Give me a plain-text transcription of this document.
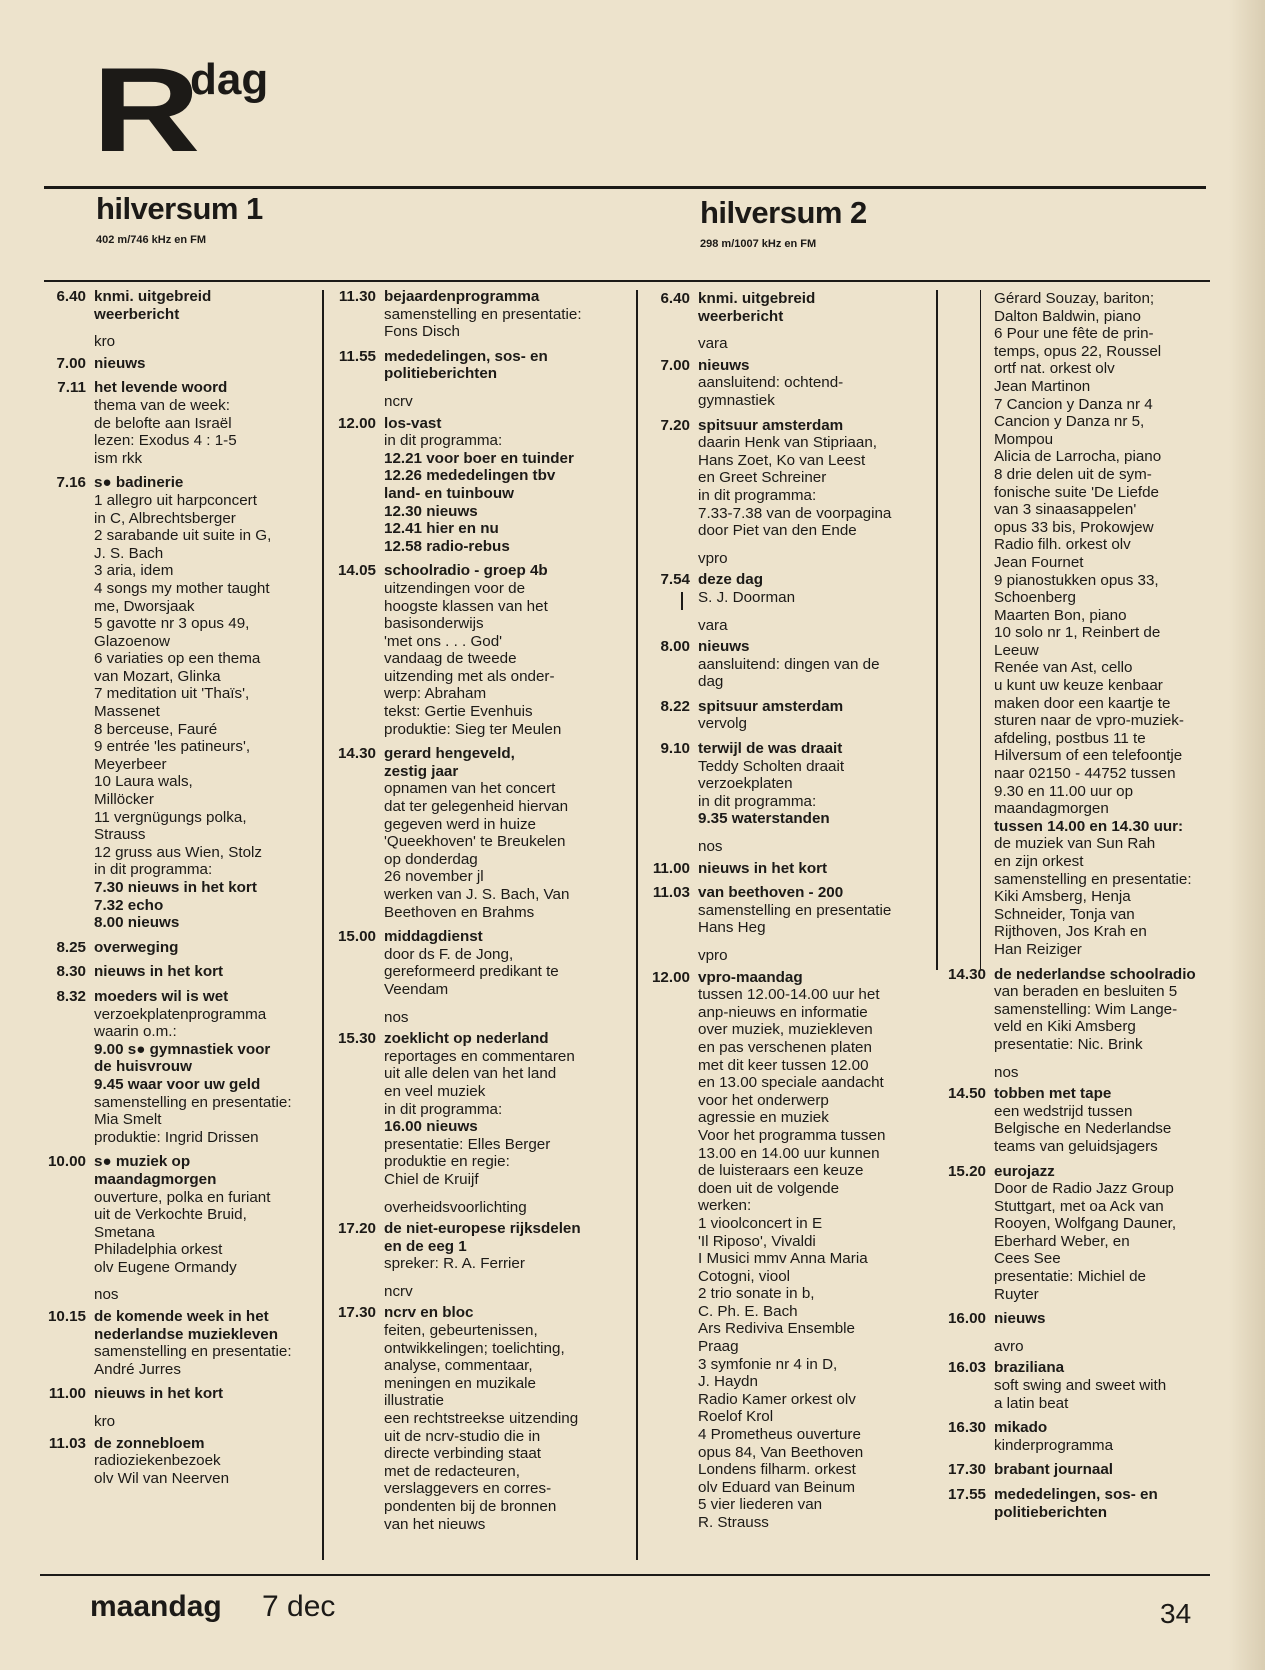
R
dag
hilversum 1
402 m/746 kHz en FM
hilversum 2
298 m/1007 kHz en FM
6.40 knmi. uitgebreid
weerbericht
kro
7.00 nieuws
7.11 het levende woord
thema van de week:
de belofte aan Israël
lezen: Exodus 4 : 1-5
ism rkk
7.16 s● badinerie
1 allegro uit harpconcert
in C, Albrechtsberger
2 sarabande uit suite in G,
J. S. Bach
3 aria, idem
4 songs my mother taught
me, Dworsjaak
5 gavotte nr 3 opus 49,
Glazoenow
6 variaties op een thema
van Mozart, Glinka
7 meditation uit 'Thaïs',
Massenet
8 berceuse, Fauré
9 entrée 'les patineurs',
Meyerbeer
10 Laura wals,
Millöcker
11 vergnügungs polka,
Strauss
12 gruss aus Wien, Stolz
in dit programma:
7.30 nieuws in het kort
7.32 echo
8.00 nieuws
8.25 overweging
8.30 nieuws in het kort
8.32 moeders wil is wet
verzoekplatenprogramma
waarin o.m.:
9.00 s● gymnastiek voor
de huisvrouw
9.45 waar voor uw geld
samenstelling en presentatie:
Mia Smelt
produktie: Ingrid Drissen
10.00 s● muziek op
maandagmorgen
ouverture, polka en furiant
uit de Verkochte Bruid,
Smetana
Philadelphia orkest
olv Eugene Ormandy
nos
10.15 de komende week in het
nederlandse muziekleven
samenstelling en presentatie:
André Jurres
11.00 nieuws in het kort
kro
11.03 de zonnebloem
radioziekenbezoek
olv Wil van Neerven
11.30 bejaardenprogramma
samenstelling en presentatie:
Fons Disch
11.55 mededelingen, sos- en
politieberichten
ncrv
12.00 los-vast
in dit programma:
12.21 voor boer en tuinder
12.26 mededelingen tbv
land- en tuinbouw
12.30 nieuws
12.41 hier en nu
12.58 radio-rebus
14.05 schoolradio - groep 4b
uitzendingen voor de
hoogste klassen van het
basisonderwijs
'met ons . . . God'
vandaag de tweede
uitzending met als onder-
werp: Abraham
tekst: Gertie Evenhuis
produktie: Sieg ter Meulen
14.30 gerard hengeveld,
zestig jaar
opnamen van het concert
dat ter gelegenheid hiervan
gegeven werd in huize
'Queekhoven' te Breukelen
op donderdag
26 november jl
werken van J. S. Bach, Van
Beethoven en Brahms
15.00 middagdienst
door ds F. de Jong,
gereformeerd predikant te
Veendam
nos
15.30 zoeklicht op nederland
reportages en commentaren
uit alle delen van het land
en veel muziek
in dit programma:
16.00 nieuws
presentatie: Elles Berger
produktie en regie:
Chiel de Kruijf
overheidsvoorlichting
17.20 de niet-europese rijksdelen
en de eeg 1
spreker: R. A. Ferrier
ncrv
17.30 ncrv en bloc
feiten, gebeurtenissen,
ontwikkelingen; toelichting,
analyse, commentaar,
meningen en muzikale
illustratie
een rechtstreekse uitzending
uit de ncrv-studio die in
directe verbinding staat
met de redacteuren,
verslaggevers en corres-
pondenten bij de bronnen
van het nieuws
6.40 knmi. uitgebreid
weerbericht
vara
7.00 nieuws
aansluitend: ochtend-
gymnastiek
7.20 spitsuur amsterdam
daarin Henk van Stipriaan,
Hans Zoet, Ko van Leest
en Greet Schreiner
in dit programma:
7.33-7.38 van de voorpagina
door Piet van den Ende
vpro
7.54 deze dag
S. J. Doorman
vara
8.00 nieuws
aansluitend: dingen van de
dag
8.22 spitsuur amsterdam
vervolg
9.10 terwijl de was draait
Teddy Scholten draait
verzoekplaten
in dit programma:
9.35 waterstanden
nos
11.00 nieuws in het kort
11.03 van beethoven - 200
samenstelling en presentatie
Hans Heg
vpro
12.00 vpro-maandag
tussen 12.00-14.00 uur het
anp-nieuws en informatie
over muziek, muziekleven
en pas verschenen platen
met dit keer tussen 12.00
en 13.00 speciale aandacht
voor het onderwerp
agressie en muziek
Voor het programma tussen
13.00 en 14.00 uur kunnen
de luisteraars een keuze
doen uit de volgende
werken:
1 vioolconcert in E
'Il Riposo', Vivaldi
I Musici mmv Anna Maria
Cotogni, viool
2 trio sonate in b,
C. Ph. E. Bach
Ars Rediviva Ensemble
Praag
3 symfonie nr 4 in D,
J. Haydn
Radio Kamer orkest olv
Roelof Krol
4 Prometheus ouverture
opus 84, Van Beethoven
Londens filharm. orkest
olv Eduard van Beinum
5 vier liederen van
R. Strauss
Gérard Souzay, bariton;
Dalton Baldwin, piano
6 Pour une fête de prin-
temps, opus 22, Roussel
ortf nat. orkest olv
Jean Martinon
7 Cancion y Danza nr 4
Cancion y Danza nr 5,
Mompou
Alicia de Larrocha, piano
8 drie delen uit de sym-
fonische suite 'De Liefde
van 3 sinaasappelen'
opus 33 bis, Prokowjew
Radio filh. orkest olv
Jean Fournet
9 pianostukken opus 33,
Schoenberg
Maarten Bon, piano
10 solo nr 1, Reinbert de
Leeuw
Renée van Ast, cello
u kunt uw keuze kenbaar
maken door een kaartje te
sturen naar de vpro-muziek-
afdeling, postbus 11 te
Hilversum of een telefoontje
naar 02150 - 44752 tussen
9.30 en 11.00 uur op
maandagmorgen
tussen 14.00 en 14.30 uur:
de muziek van Sun Rah
en zijn orkest
samenstelling en presentatie:
Kiki Amsberg, Henja
Schneider, Tonja van
Rijthoven, Jos Krah en
Han Reiziger
14.30 de nederlandse schoolradio
van beraden en besluiten 5
samenstelling: Wim Lange-
veld en Kiki Amsberg
presentatie: Nic. Brink
nos
14.50 tobben met tape
een wedstrijd tussen
Belgische en Nederlandse
teams van geluidsjagers
15.20 eurojazz
Door de Radio Jazz Group
Stuttgart, met oa Ack van
Rooyen, Wolfgang Dauner,
Eberhard Weber, en
Cees See
presentatie: Michiel de
Ruyter
16.00 nieuws
avro
16.03 braziliana
soft swing and sweet with
a latin beat
16.30 mikado
kinderprogramma
17.30 brabant journaal
17.55 mededelingen, sos- en
politieberichten
maandag 7 dec	34
